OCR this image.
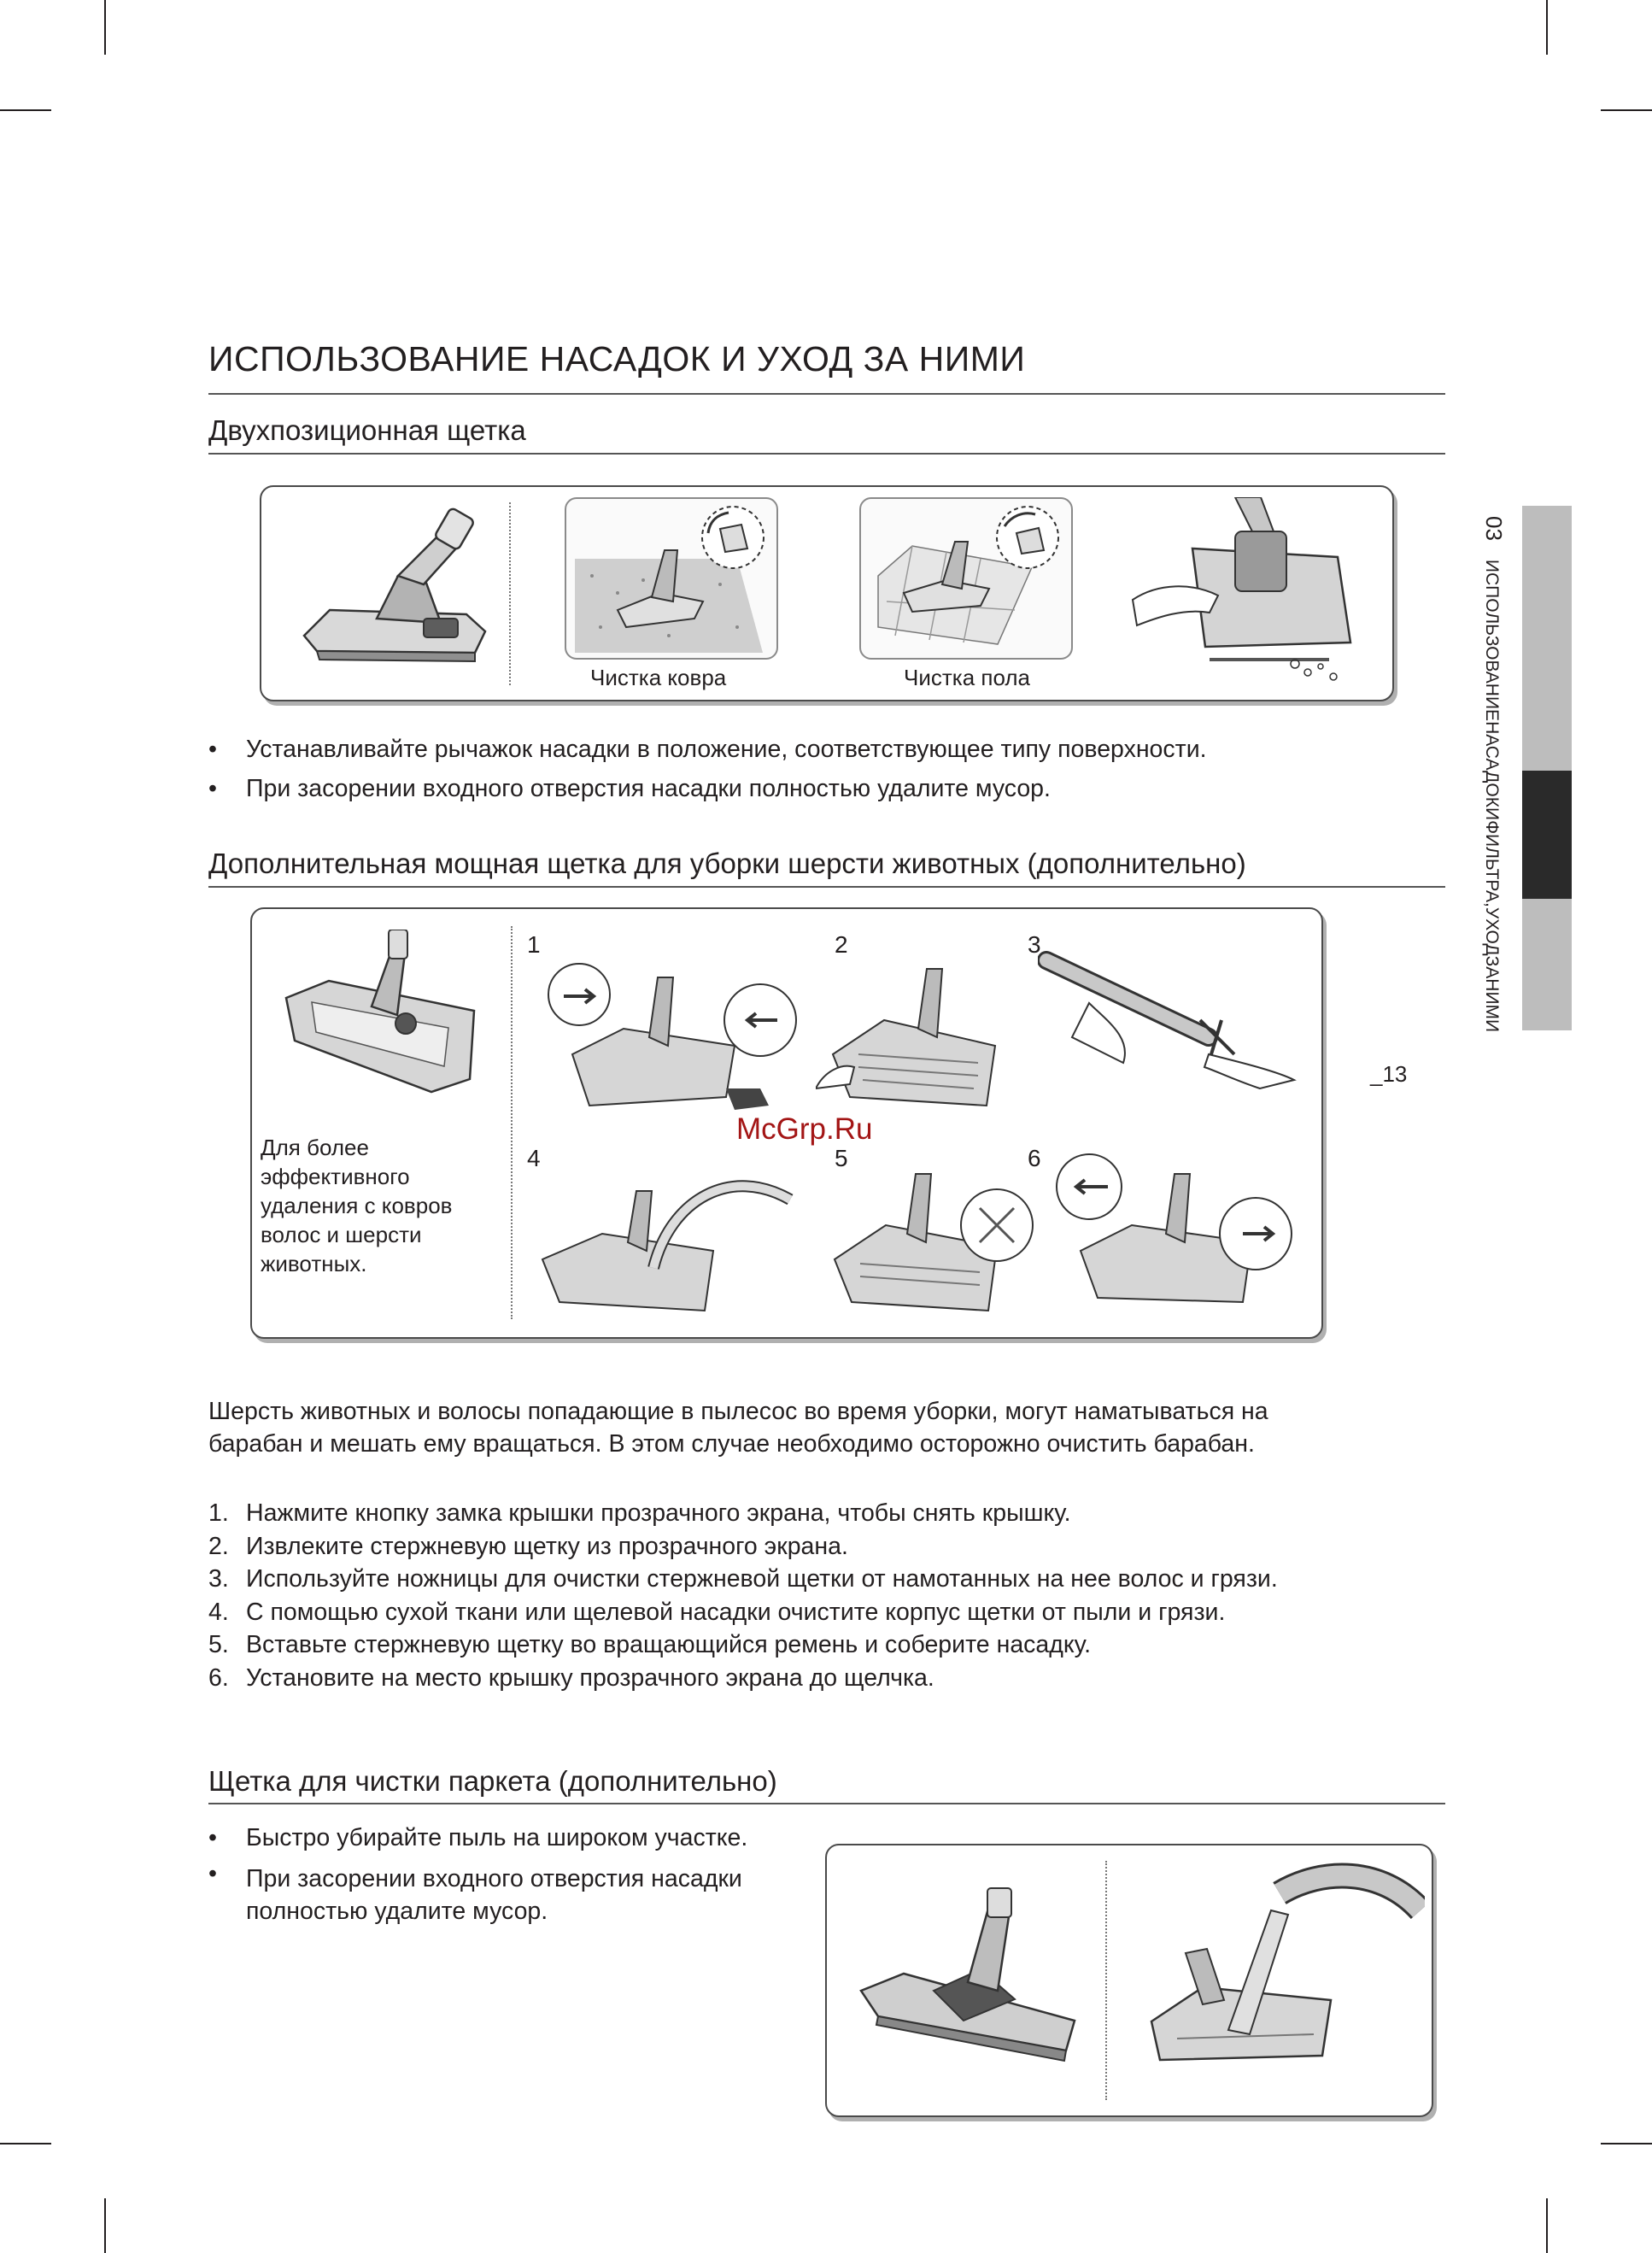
ИСПОЛЬЗОВАНИЕ НАСАДОК И УХОД ЗА НИМИ
Двухпозиционная щетка
Чистка ковра	Чистка пола
• Устанавливайте рычажок насадки в положение, соответствующее типу поверхности.
• При засорении входного отверстия насадки полностью удалите мусор.
Дополнительная мощная щетка для уборки шерсти животных (дополнительно)
Для более
эффективного
удаления с ковров
волос и шерсти
животных.
1	2	3
4	5	6
McGrp.Ru
Шерсть животных и волосы попадающие в пылесос во время уборки, могут наматываться на
барабан и мешать ему вращаться. В этом случае необходимо осторожно очистить барабан.
1. Нажмите кнопку замка крышки прозрачного экрана, чтобы снять крышку.
2. Извлеките стержневую щетку из прозрачного экрана.
3. Используйте ножницы для очистки стержневой щетки от намотанных на нее волос и грязи.
4. С помощью сухой ткани или щелевой насадки очистите корпус щетки от пыли и грязи.
5. Вставьте стержневую щетку во вращающийся ремень и соберите насадку.
6. Установите на место крышку прозрачного экрана до щелчка.
Щетка для чистки паркета (дополнительно)
• Быстро убирайте пыль на широком участке.
• При засорении входного отверстия насадки
полностью удалите мусор.
03ИСПОЛЬЗОВАНИЕНАСАДОКИФИЛЬТРА,УХОДЗАНИМИ
_13
